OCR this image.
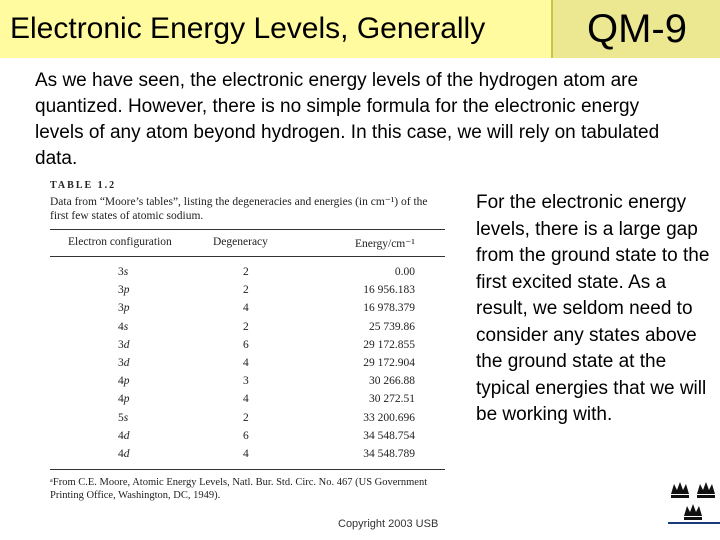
Electronic Energy Levels, Generally	QM-9

As we have seen, the electronic energy levels of the hydrogen atom are quantized. However, there is no simple formula for the electronic energy levels of any atom beyond hydrogen. In this case, we will rely on tabulated data.

TABLE 1.2
Data from “Moore’s tables”, listing the degeneracies and energies (in cm⁻¹) of the first few states of atomic sodium.
Electron configuration	Degeneracy	Energy/cm⁻¹
3s	2	0.00
3p	2	16 956.183
3p	4	16 978.379
4s	2	25 739.86
3d	6	29 172.855
3d	4	29 172.904
4p	3	30 266.88
4p	4	30 272.51
5s	2	33 200.696
4d	6	34 548.754
4d	4	34 548.789
ᵃFrom C.E. Moore, Atomic Energy Levels, Natl. Bur. Std. Circ. No. 467 (US Government Printing Office, Washington, DC, 1949).

For the electronic energy levels, there is a large gap from the ground state to the first excited state. As a result, we seldom need to consider any states above the ground state at the typical energies that we will be working with.

Copyright 2003 USB
